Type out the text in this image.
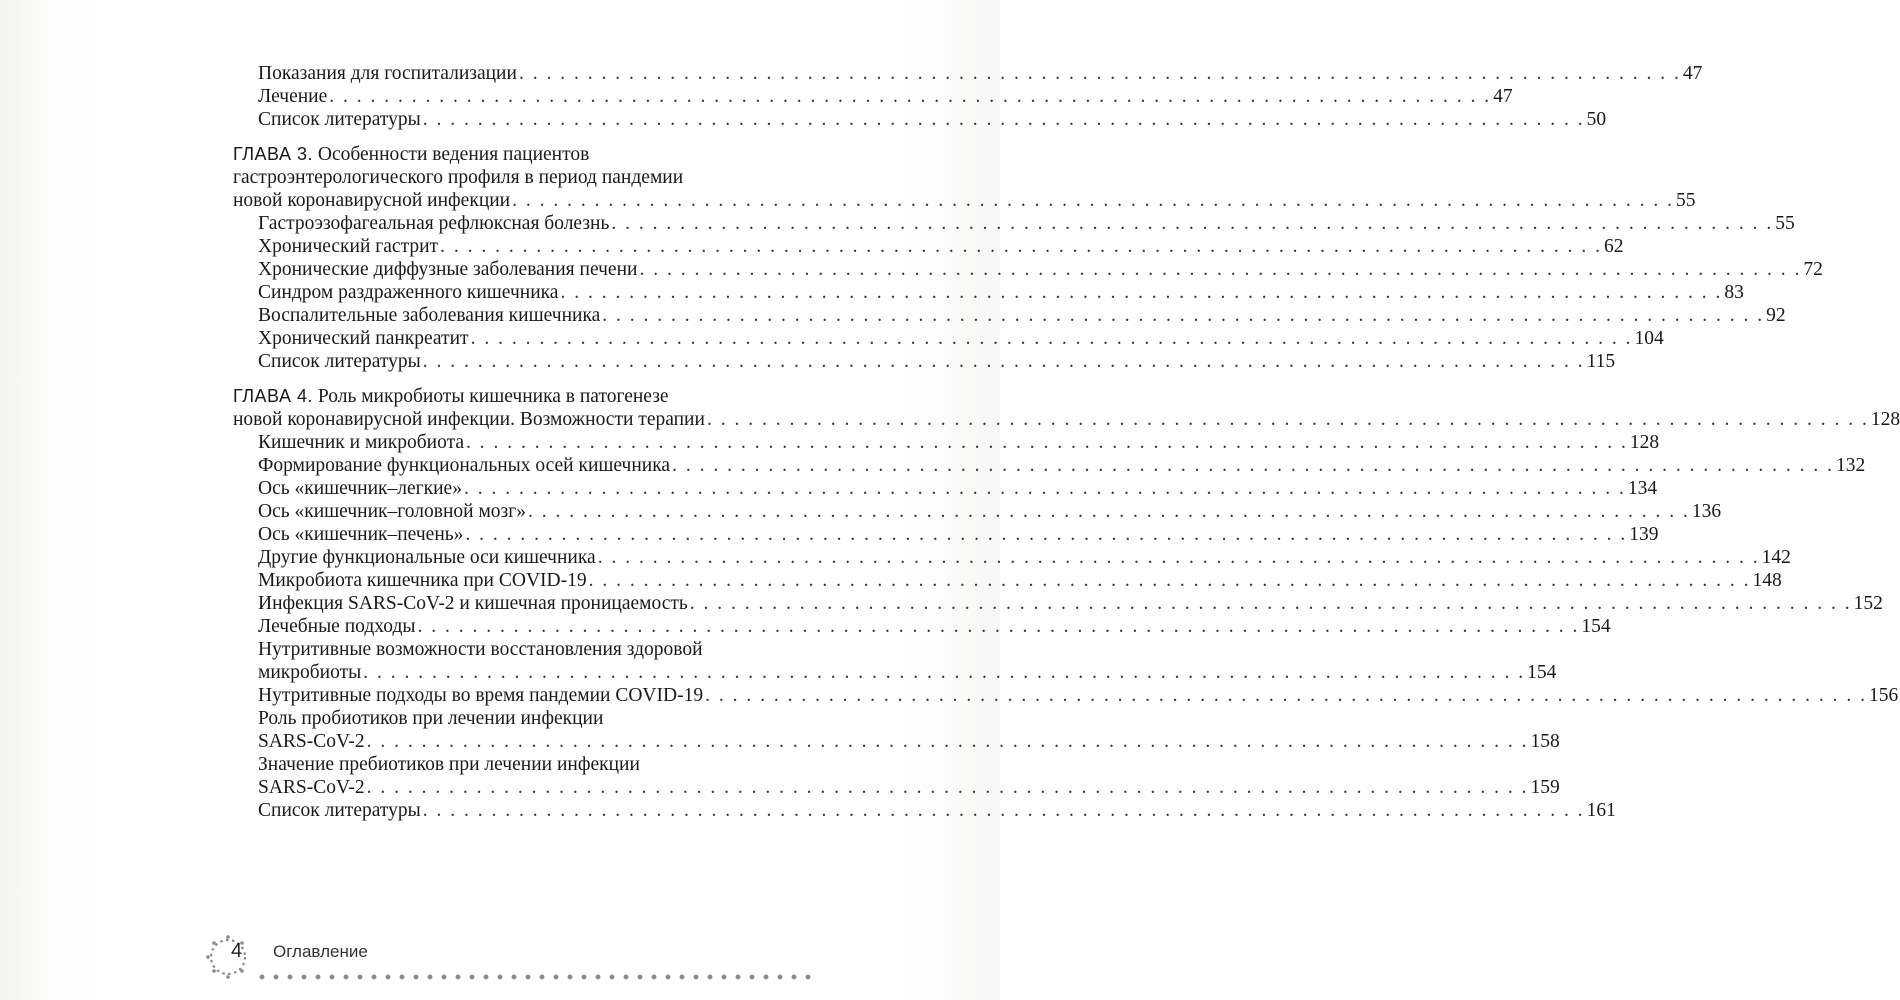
Показания для госпитализации . . . . . . . . . . . . . . . . . . . . . . . . . . . . . . . . . . . . . . . . . . . . . . . . . . . . . . . . . . . . . . . . . . . . . . . . . . . . . . . . . . . . . 47
Лечение . . . . . . . . . . . . . . . . . . . . . . . . . . . . . . . . . . . . . . . . . . . . . . . . . . . . . . . . . . . . . . . . . . . . . . . . . . . . . . . . . . . . . 47
Список литературы . . . . . . . . . . . . . . . . . . . . . . . . . . . . . . . . . . . . . . . . . . . . . . . . . . . . . . . . . . . . . . . . . . . . . . . . . . . . . . . . . . . . . 50
ГЛАВА 3. Особенности ведения пациентов
гастроэнтерологического профиля в период пандемии
новой коронавирусной инфекции . . . . . . . . . . . . . . . . . . . . . . . . . . . . . . . . . . . . . . . . . . . . . . . . . . . . . . . . . . . . . . . . . . . . . . . . . . . . . . . . . . . . . 55
Гастроэзофагеальная рефлюксная болезнь . . . . . . . . . . . . . . . . . . . . . . . . . . . . . . . . . . . . . . . . . . . . . . . . . . . . . . . . . . . . . . . . . . . . . . . . . . . . . . . . . . . . . 55
Хронический гастрит . . . . . . . . . . . . . . . . . . . . . . . . . . . . . . . . . . . . . . . . . . . . . . . . . . . . . . . . . . . . . . . . . . . . . . . . . . . . . . . . . . . . . 62
Хронические диффузные заболевания печени . . . . . . . . . . . . . . . . . . . . . . . . . . . . . . . . . . . . . . . . . . . . . . . . . . . . . . . . . . . . . . . . . . . . . . . . . . . . . . . . . . . . . 72
Синдром раздраженного кишечника . . . . . . . . . . . . . . . . . . . . . . . . . . . . . . . . . . . . . . . . . . . . . . . . . . . . . . . . . . . . . . . . . . . . . . . . . . . . . . . . . . . . . 83
Воспалительные заболевания кишечника . . . . . . . . . . . . . . . . . . . . . . . . . . . . . . . . . . . . . . . . . . . . . . . . . . . . . . . . . . . . . . . . . . . . . . . . . . . . . . . . . . . . . 92
Хронический панкреатит . . . . . . . . . . . . . . . . . . . . . . . . . . . . . . . . . . . . . . . . . . . . . . . . . . . . . . . . . . . . . . . . . . . . . . . . . . . . . . . . . . . . . 104
Список литературы . . . . . . . . . . . . . . . . . . . . . . . . . . . . . . . . . . . . . . . . . . . . . . . . . . . . . . . . . . . . . . . . . . . . . . . . . . . . . . . . . . . . . 115
ГЛАВА 4. Роль микробиоты кишечника в патогенезе
новой коронавирусной инфекции. Возможности терапии . . . . . . . . . . . . . . . . . . . . . . . . . . . . . . . . . . . . . . . . . . . . . . . . . . . . . . . . . . . . . . . . . . . . . . . . . . . . . . . . . . . . . 128
Кишечник и микробиота . . . . . . . . . . . . . . . . . . . . . . . . . . . . . . . . . . . . . . . . . . . . . . . . . . . . . . . . . . . . . . . . . . . . . . . . . . . . . . . . . . . . . 128
Формирование функциональных осей кишечника . . . . . . . . . . . . . . . . . . . . . . . . . . . . . . . . . . . . . . . . . . . . . . . . . . . . . . . . . . . . . . . . . . . . . . . . . . . . . . . . . . . . . 132
Ось «кишечник–легкие» . . . . . . . . . . . . . . . . . . . . . . . . . . . . . . . . . . . . . . . . . . . . . . . . . . . . . . . . . . . . . . . . . . . . . . . . . . . . . . . . . . . . . 134
Ось «кишечник–головной мозг» . . . . . . . . . . . . . . . . . . . . . . . . . . . . . . . . . . . . . . . . . . . . . . . . . . . . . . . . . . . . . . . . . . . . . . . . . . . . . . . . . . . . . 136
Ось «кишечник–печень» . . . . . . . . . . . . . . . . . . . . . . . . . . . . . . . . . . . . . . . . . . . . . . . . . . . . . . . . . . . . . . . . . . . . . . . . . . . . . . . . . . . . . 139
Другие функциональные оси кишечника . . . . . . . . . . . . . . . . . . . . . . . . . . . . . . . . . . . . . . . . . . . . . . . . . . . . . . . . . . . . . . . . . . . . . . . . . . . . . . . . . . . . . 142
Микробиота кишечника при COVID-19 . . . . . . . . . . . . . . . . . . . . . . . . . . . . . . . . . . . . . . . . . . . . . . . . . . . . . . . . . . . . . . . . . . . . . . . . . . . . . . . . . . . . . 148
Инфекция SARS-CoV-2 и кишечная проницаемость . . . . . . . . . . . . . . . . . . . . . . . . . . . . . . . . . . . . . . . . . . . . . . . . . . . . . . . . . . . . . . . . . . . . . . . . . . . . . . . . . . . . . 152
Лечебные подходы . . . . . . . . . . . . . . . . . . . . . . . . . . . . . . . . . . . . . . . . . . . . . . . . . . . . . . . . . . . . . . . . . . . . . . . . . . . . . . . . . . . . . 154
Нутритивные возможности восстановления здоровой
микробиоты . . . . . . . . . . . . . . . . . . . . . . . . . . . . . . . . . . . . . . . . . . . . . . . . . . . . . . . . . . . . . . . . . . . . . . . . . . . . . . . . . . . . . 154
Нутритивные подходы во время пандемии COVID-19 . . . . . . . . . . . . . . . . . . . . . . . . . . . . . . . . . . . . . . . . . . . . . . . . . . . . . . . . . . . . . . . . . . . . . . . . . . . . . . . . . . . . . 156
Роль пробиотиков при лечении инфекции
SARS-CoV-2 . . . . . . . . . . . . . . . . . . . . . . . . . . . . . . . . . . . . . . . . . . . . . . . . . . . . . . . . . . . . . . . . . . . . . . . . . . . . . . . . . . . . . 158
Значение пребиотиков при лечении инфекции
SARS-CoV-2 . . . . . . . . . . . . . . . . . . . . . . . . . . . . . . . . . . . . . . . . . . . . . . . . . . . . . . . . . . . . . . . . . . . . . . . . . . . . . . . . . . . . . 159
Список литературы . . . . . . . . . . . . . . . . . . . . . . . . . . . . . . . . . . . . . . . . . . . . . . . . . . . . . . . . . . . . . . . . . . . . . . . . . . . . . . . . . . . . . 161
4 Оглавление
